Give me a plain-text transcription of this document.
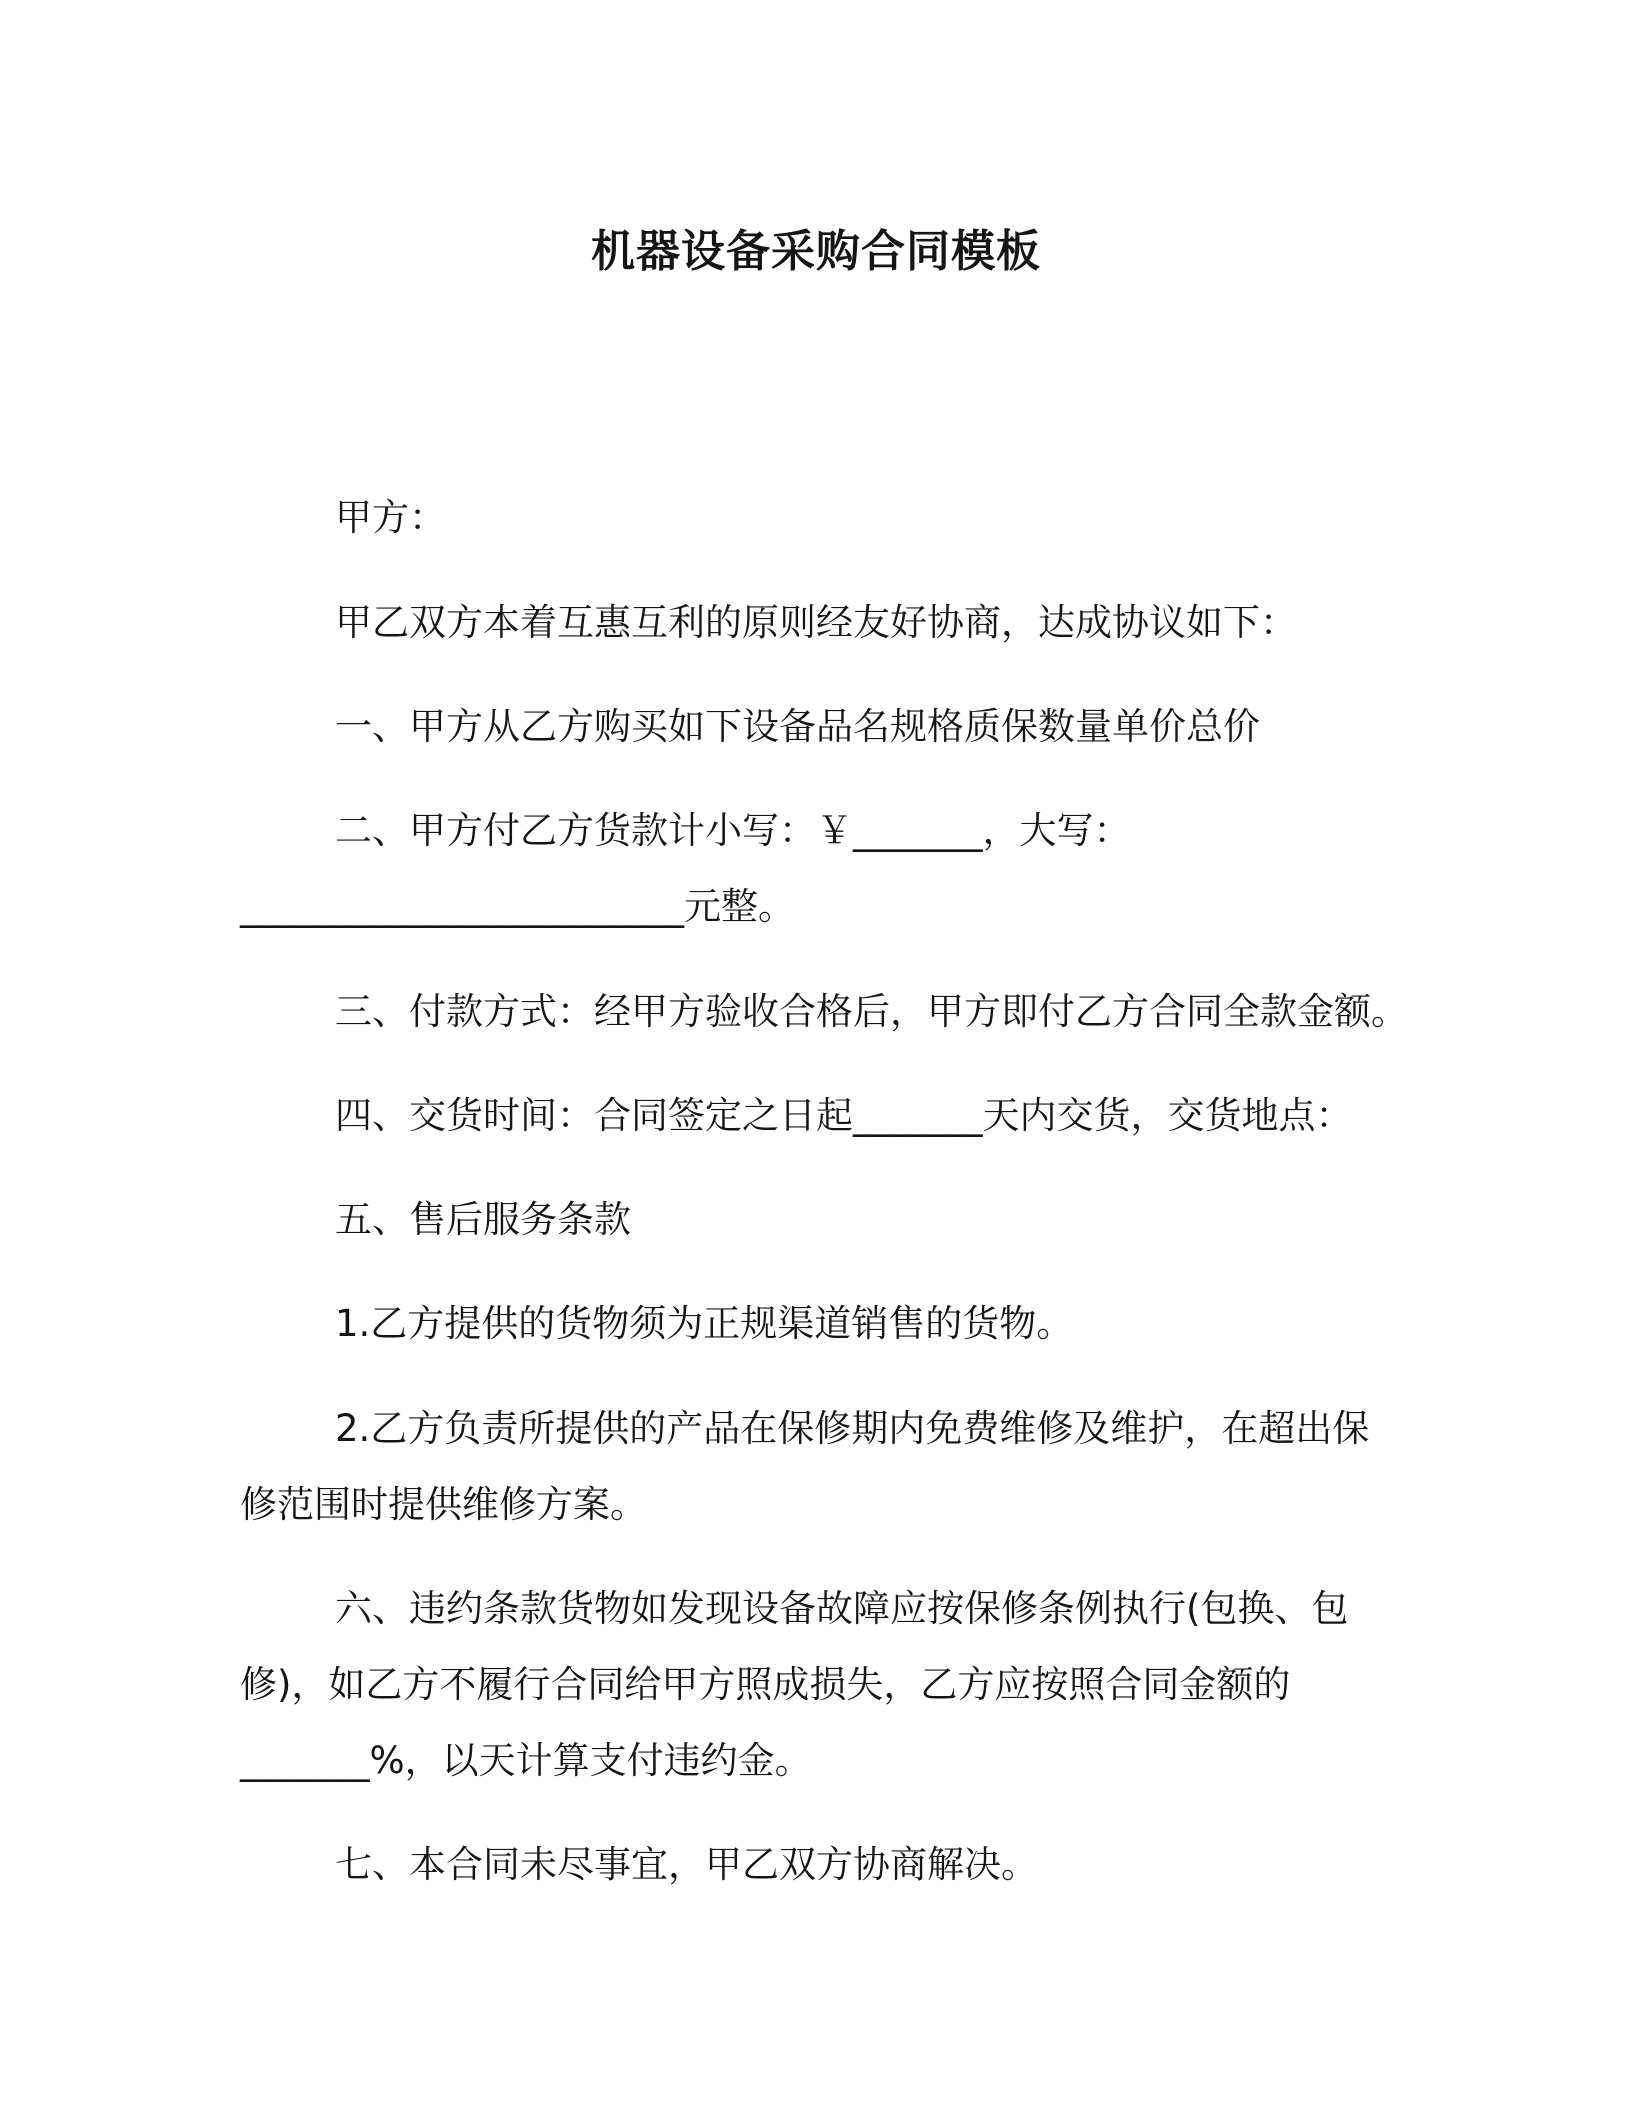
机器设备采购合同模板
甲方：
甲乙双方本着互惠互利的原则经友好协商，达成协议如下：
一、甲方从乙方购买如下设备品名规格质保数量单价总价
二、甲方付乙方货款计小写：￥_______，大写：
________________________元整。
三、付款方式：经甲方验收合格后，甲方即付乙方合同全款金额。
四、交货时间：合同签定之日起_______天内交货，交货地点：
五、售后服务条款
1.乙方提供的货物须为正规渠道销售的货物。
2.乙方负责所提供的产品在保修期内免费维修及维护，在超出保
修范围时提供维修方案。
六、违约条款货物如发现设备故障应按保修条例执行(包换、包
修)，如乙方不履行合同给甲方照成损失，乙方应按照合同金额的
_______%，以天计算支付违约金。
七、本合同未尽事宜，甲乙双方协商解决。
